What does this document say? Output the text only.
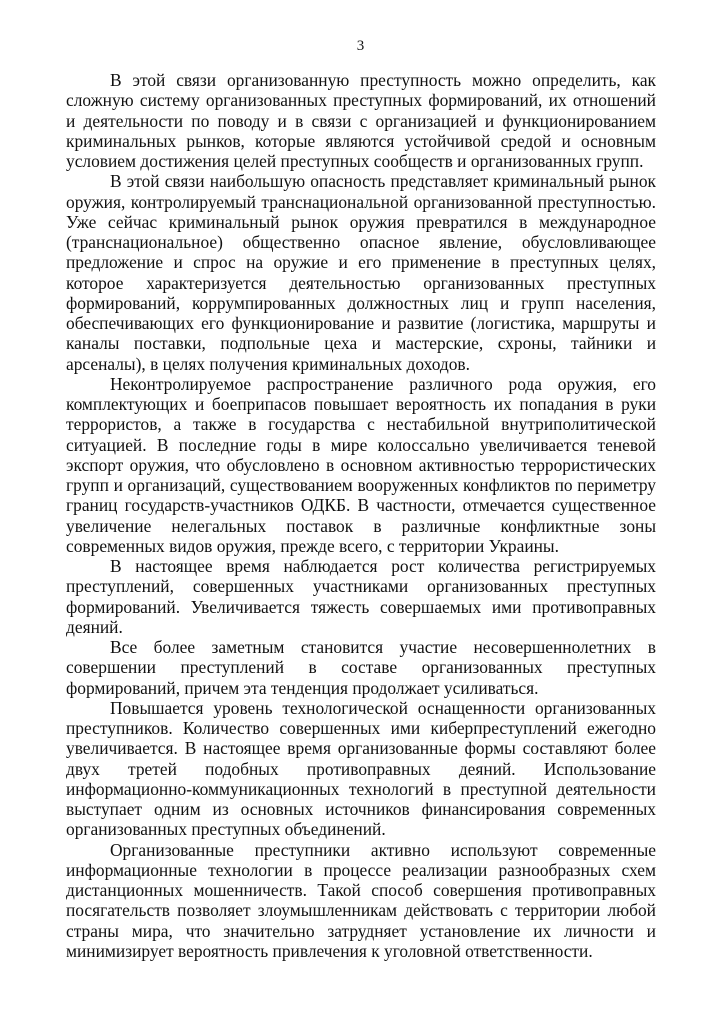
3

В этой связи организованную преступность можно определить, как сложную систему организованных преступных формирований, их отношений и деятельности по поводу и в связи с организацией и функционированием криминальных рынков, которые являются устойчивой средой и основным условием достижения целей преступных сообществ и организованных групп.

В этой связи наибольшую опасность представляет криминальный рынок оружия, контролируемый транснациональной организованной преступностью. Уже сейчас криминальный рынок оружия превратился в международное (транснациональное) общественно опасное явление, обусловливающее предложение и спрос на оружие и его применение в преступных целях, которое характеризуется деятельностью организованных преступных формирований, коррумпированных должностных лиц и групп населения, обеспечивающих его функционирование и развитие (логистика, маршруты и каналы поставки, подпольные цеха и мастерские, схроны, тайники и арсеналы), в целях получения криминальных доходов.

Неконтролируемое распространение различного рода оружия, его комплектующих и боеприпасов повышает вероятность их попадания в руки террористов, а также в государства с нестабильной внутриполитической ситуацией. В последние годы в мире колоссально увеличивается теневой экспорт оружия, что обусловлено в основном активностью террористических групп и организаций, существованием вооруженных конфликтов по периметру границ государств-участников ОДКБ. В частности, отмечается существенное увеличение нелегальных поставок в различные конфликтные зоны современных видов оружия, прежде всего, с территории Украины.

В настоящее время наблюдается рост количества регистрируемых преступлений, совершенных участниками организованных преступных формирований. Увеличивается тяжесть совершаемых ими противоправных деяний.

Все более заметным становится участие несовершеннолетних в совершении преступлений в составе организованных преступных формирований, причем эта тенденция продолжает усиливаться.

Повышается уровень технологической оснащенности организованных преступников. Количество совершенных ими киберпреступлений ежегодно увеличивается. В настоящее время организованные формы составляют более двух третей подобных противоправных деяний. Использование информационно-коммуникационных технологий в преступной деятельности выступает одним из основных источников финансирования современных организованных преступных объединений.

Организованные преступники активно используют современные информационные технологии в процессе реализации разнообразных схем дистанционных мошенничеств. Такой способ совершения противоправных посягательств позволяет злоумышленникам действовать с территории любой страны мира, что значительно затрудняет установление их личности и минимизирует вероятность привлечения к уголовной ответственности.
